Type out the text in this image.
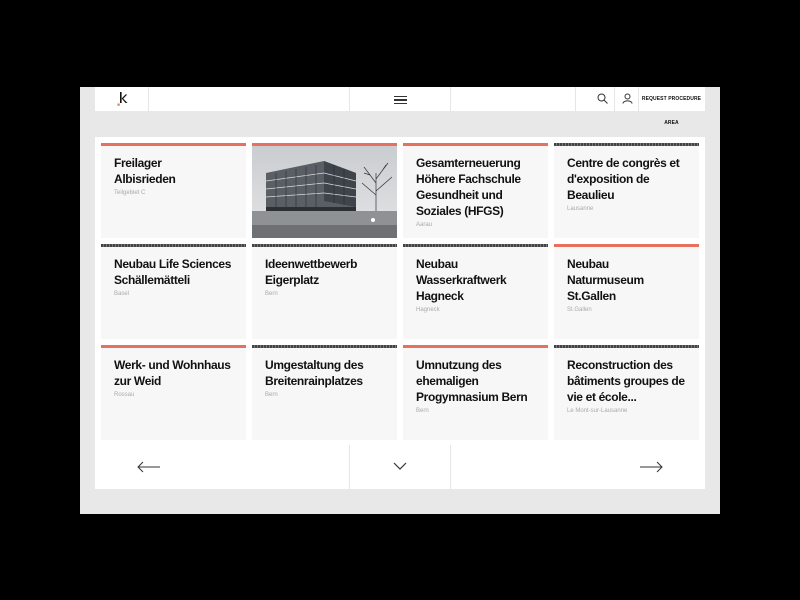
REQUEST PROCEDURE AREA
Freilager
Albisrieden
Teilgebiet C
Gesamterneuerung
Höhere Fachschule
Gesundheit und
Soziales (HFGS)
Aarau
Centre de congrès et
d'exposition de
Beaulieu
Lausanne
Neubau Life Sciences
Schällemätteli
Basel
Ideenwettbewerb
Eigerplatz
Bern
Neubau
Wasserkraftwerk
Hagneck
Hagneck
Neubau
Naturmuseum
St.Gallen
St.Gallen
Werk- und Wohnhaus
zur Weid
Rossau
Umgestaltung des
Breitenrainplatzes
Bern
Umnutzung des
ehemaligen
Progymnasium Bern
Bern
Reconstruction des
bâtiments groupes de
vie et école...
Le Mont-sur-Lausanne
